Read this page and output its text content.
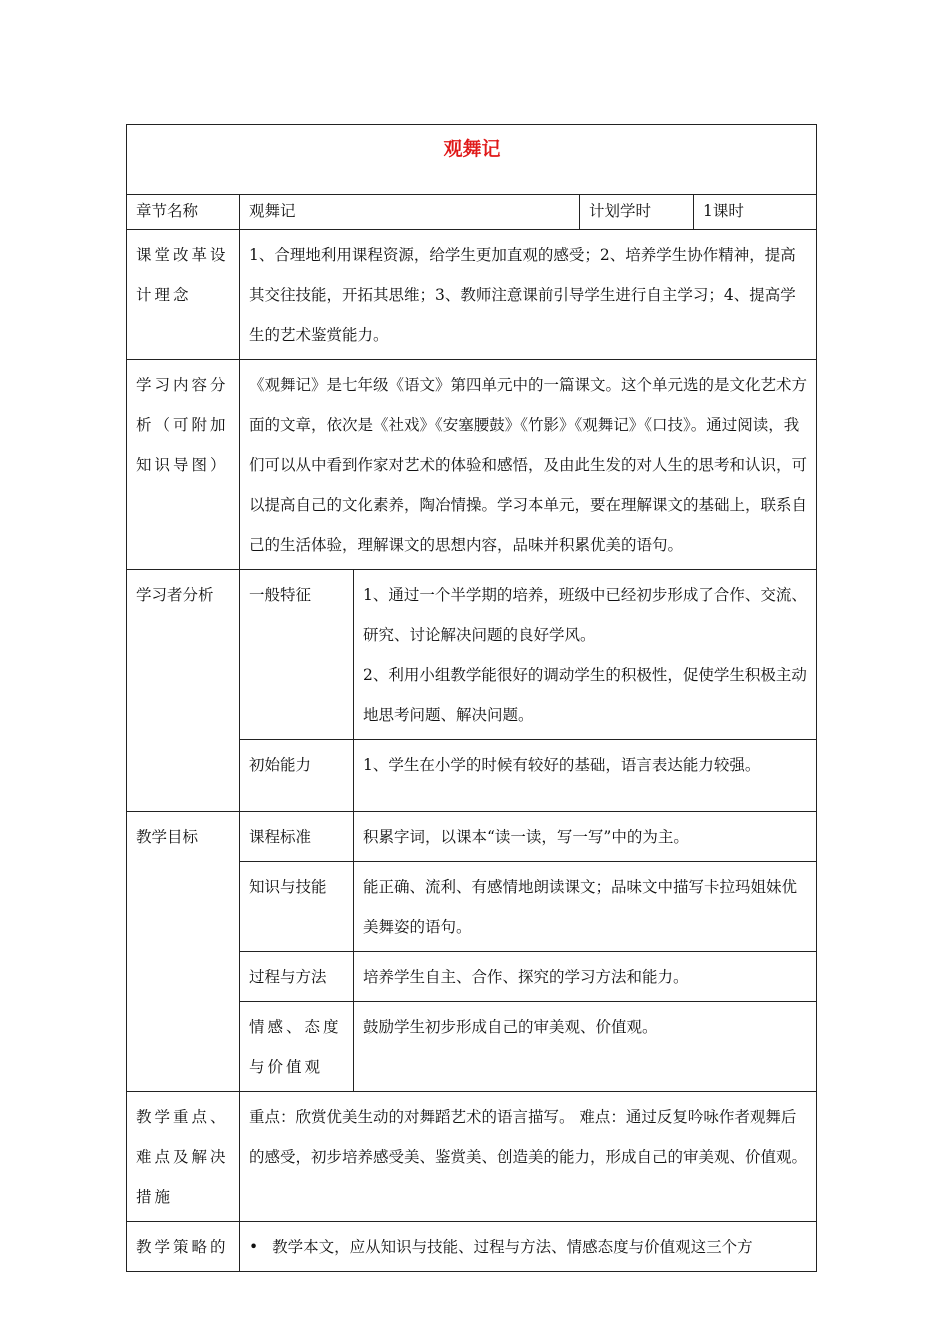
观舞记				
章节名称	观舞记		计划学时	1课时
课堂改革设计理念	1、合理地利用课程资源，给学生更加直观的感受；2、培养学生协作精神，提高其交往技能，开拓其思维；3、教师注意课前引导学生进行自主学习；4、提高学生的艺术鉴赏能力。			
学习内容分析（可附加知识导图）	《观舞记》是七年级《语文》第四单元中的一篇课文。这个单元选的是文化艺术方面的文章，依次是《社戏》《安塞腰鼓》《竹影》《观舞记》《口技》。通过阅读，我们可以从中看到作家对艺术的体验和感悟，及由此生发的对人生的思考和认识，可以提高自己的文化素养，陶冶情操。学习本单元，要在理解课文的基础上，联系自己的生活体验，理解课文的思想内容，品味并积累优美的语句。			
学习者分析	一般特征	1、通过一个半学期的培养，班级中已经初步形成了合作、交流、研究、讨论解决问题的良好学风。
2、利用小组教学能很好的调动学生的积极性，促使学生积极主动地思考问题、解决问题。		

	初始能力	1、学生在小学的时候有较好的基础，语言表达能力较强。		
教学目标	课程标准	积累字词，以课本“读一读，写一写”中的为主。		
	知识与技能	能正确、流利、有感情地朗读课文；品味文中描写卡拉玛姐妹优美舞姿的语句。		
	过程与方法	培养学生自主、合作、探究的学习方法和能力。		
	情感、态度与价值观	鼓励学生初步形成自己的审美观、价值观。		
教学重点、难点及解决措施	重点：欣赏优美生动的对舞蹈艺术的语言描写。 难点：通过反复吟咏作者观舞后的感受，初步培养感受美、鉴赏美、创造美的能力，形成自己的审美观、价值观。			
教学策略的	• 教学本文，应从知识与技能、过程与方法、情感态度与价值观这三个方			
